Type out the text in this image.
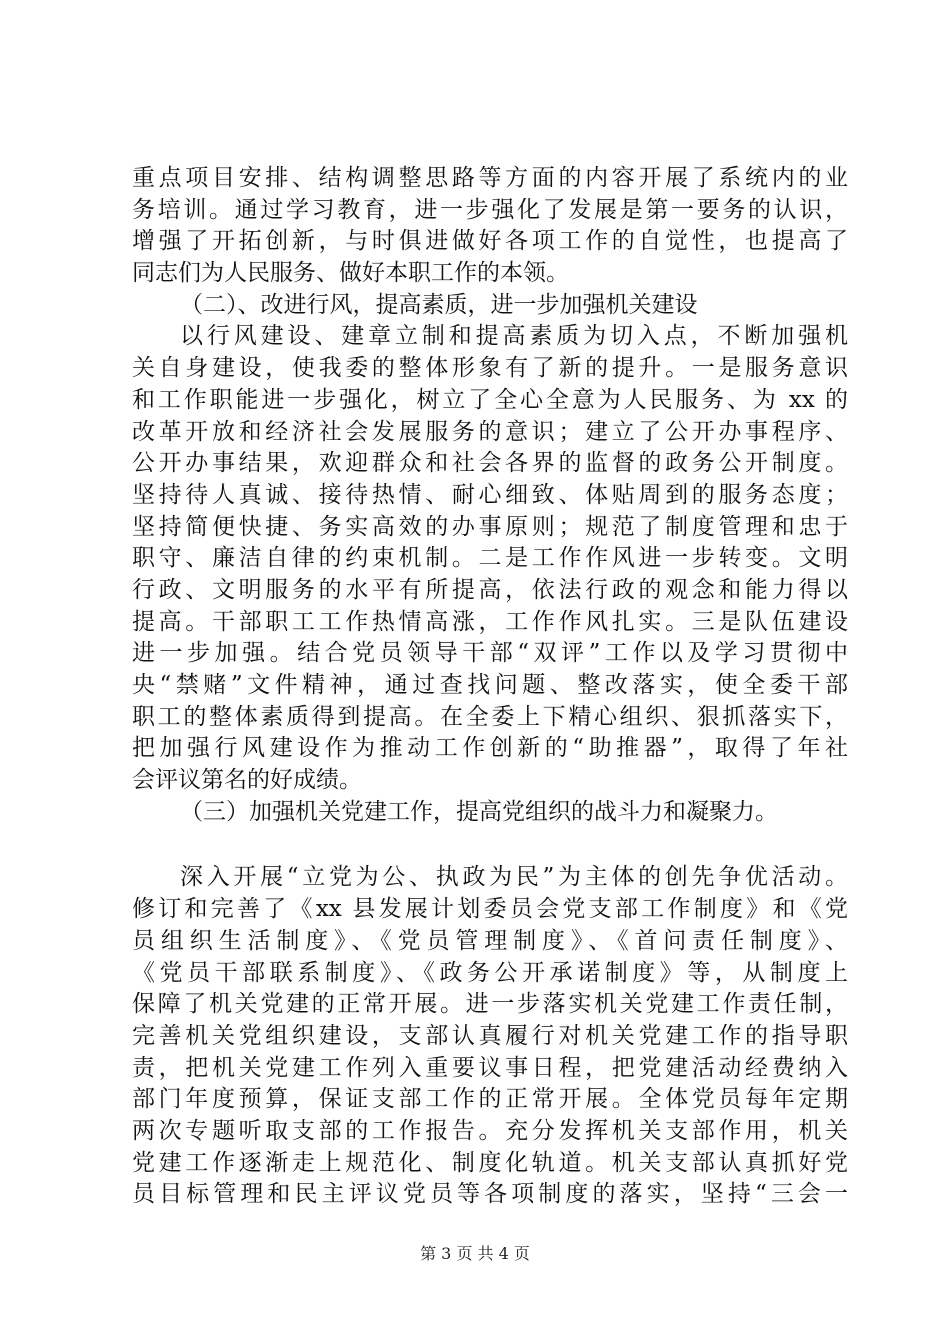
重点项目安排、结构调整思路等方面的内容开展了系统内的业
务培训。通过学习教育，进一步强化了发展是第一要务的认识，
增强了开拓创新，与时俱进做好各项工作的自觉性，也提高了
同志们为人民服务、做好本职工作的本领。
（二）、改进行风，提高素质，进一步加强机关建设
以行风建设、建章立制和提高素质为切入点，不断加强机
关自身建设，使我委的整体形象有了新的提升。一是服务意识
和工作职能进一步强化，树立了全心全意为人民服务、为 xx 的
改革开放和经济社会发展服务的意识；建立了公开办事程序、
公开办事结果，欢迎群众和社会各界的监督的政务公开制度。
坚持待人真诚、接待热情、耐心细致、体贴周到的服务态度；
坚持简便快捷、务实高效的办事原则；规范了制度管理和忠于
职守、廉洁自律的约束机制。二是工作作风进一步转变。文明
行政、文明服务的水平有所提高，依法行政的观念和能力得以
提高。干部职工工作热情高涨，工作作风扎实。三是队伍建设
进一步加强。结合党员领导干部“双评”工作以及学习贯彻中
央“禁赌”文件精神，通过查找问题、整改落实，使全委干部
职工的整体素质得到提高。在全委上下精心组织、狠抓落实下，
把加强行风建设作为推动工作创新的“助推器”，取得了年社
会评议第名的好成绩。
（三）加强机关党建工作，提高党组织的战斗力和凝聚力。
深入开展“立党为公、执政为民”为主体的创先争优活动。
修订和完善了《xx 县发展计划委员会党支部工作制度》和《党
员组织生活制度》、《党员管理制度》、《首问责任制度》、
《党员干部联系制度》、《政务公开承诺制度》等，从制度上
保障了机关党建的正常开展。进一步落实机关党建工作责任制，
完善机关党组织建设，支部认真履行对机关党建工作的指导职
责，把机关党建工作列入重要议事日程，把党建活动经费纳入
部门年度预算，保证支部工作的正常开展。全体党员每年定期
两次专题听取支部的工作报告。充分发挥机关支部作用，机关
党建工作逐渐走上规范化、制度化轨道。机关支部认真抓好党
员目标管理和民主评议党员等各项制度的落实，坚持“三会一
第 3 页 共 4 页
